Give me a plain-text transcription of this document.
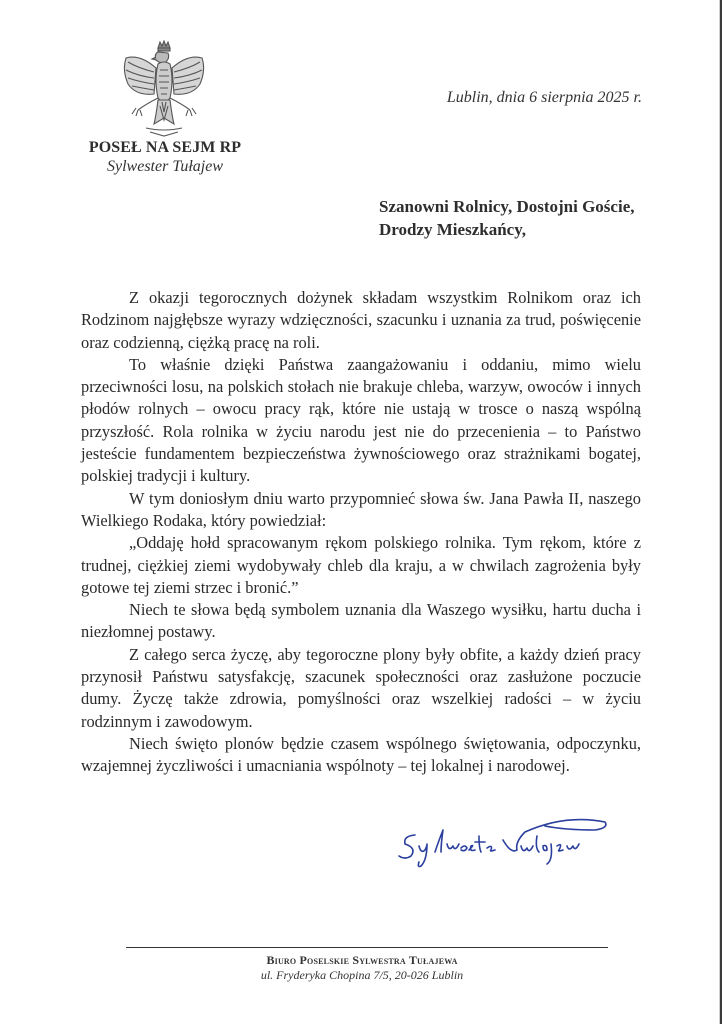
POSEŁ NA SEJM RP
Sylwester Tułajew
Lublin, dnia 6 sierpnia 2025 r.
Szanowni Rolnicy, Dostojni Goście,
Drodzy Mieszkańcy,

Z okazji tegorocznych dożynek składam wszystkim Rolnikom oraz ich Rodzinom najgłębsze wyrazy wdzięczności, szacunku i uznania za trud, poświęcenie oraz codzienną, ciężką pracę na roli.

To właśnie dzięki Państwa zaangażowaniu i oddaniu, mimo wielu przeciwności losu, na polskich stołach nie brakuje chleba, warzyw, owoców i innych płodów rolnych – owocu pracy rąk, które nie ustają w trosce o naszą wspólną przyszłość. Rola rolnika w życiu narodu jest nie do przecenienia – to Państwo jesteście fundamentem bezpieczeństwa żywnościowego oraz strażnikami bogatej, polskiej tradycji i kultury.

W tym doniosłym dniu warto przypomnieć słowa św. Jana Pawła II, naszego Wielkiego Rodaka, który powiedział:

„Oddaję hołd spracowanym rękom polskiego rolnika. Tym rękom, które z trudnej, ciężkiej ziemi wydobywały chleb dla kraju, a w chwilach zagrożenia były gotowe tej ziemi strzec i bronić.”

Niech te słowa będą symbolem uznania dla Waszego wysiłku, hartu ducha i niezłomnej postawy.

Z całego serca życzę, aby tegoroczne plony były obfite, a każdy dzień pracy przynosił Państwu satysfakcję, szacunek społeczności oraz zasłużone poczucie dumy. Życzę także zdrowia, pomyślności oraz wszelkiej radości – w życiu rodzinnym i zawodowym.

Niech święto plonów będzie czasem wspólnego świętowania, odpoczynku, wzajemnej życzliwości i umacniania wspólnoty – tej lokalnej i narodowej.

Biuro Poselskie Sylwestra Tułajewa
ul. Fryderyka Chopina 7/5, 20-026 Lublin
